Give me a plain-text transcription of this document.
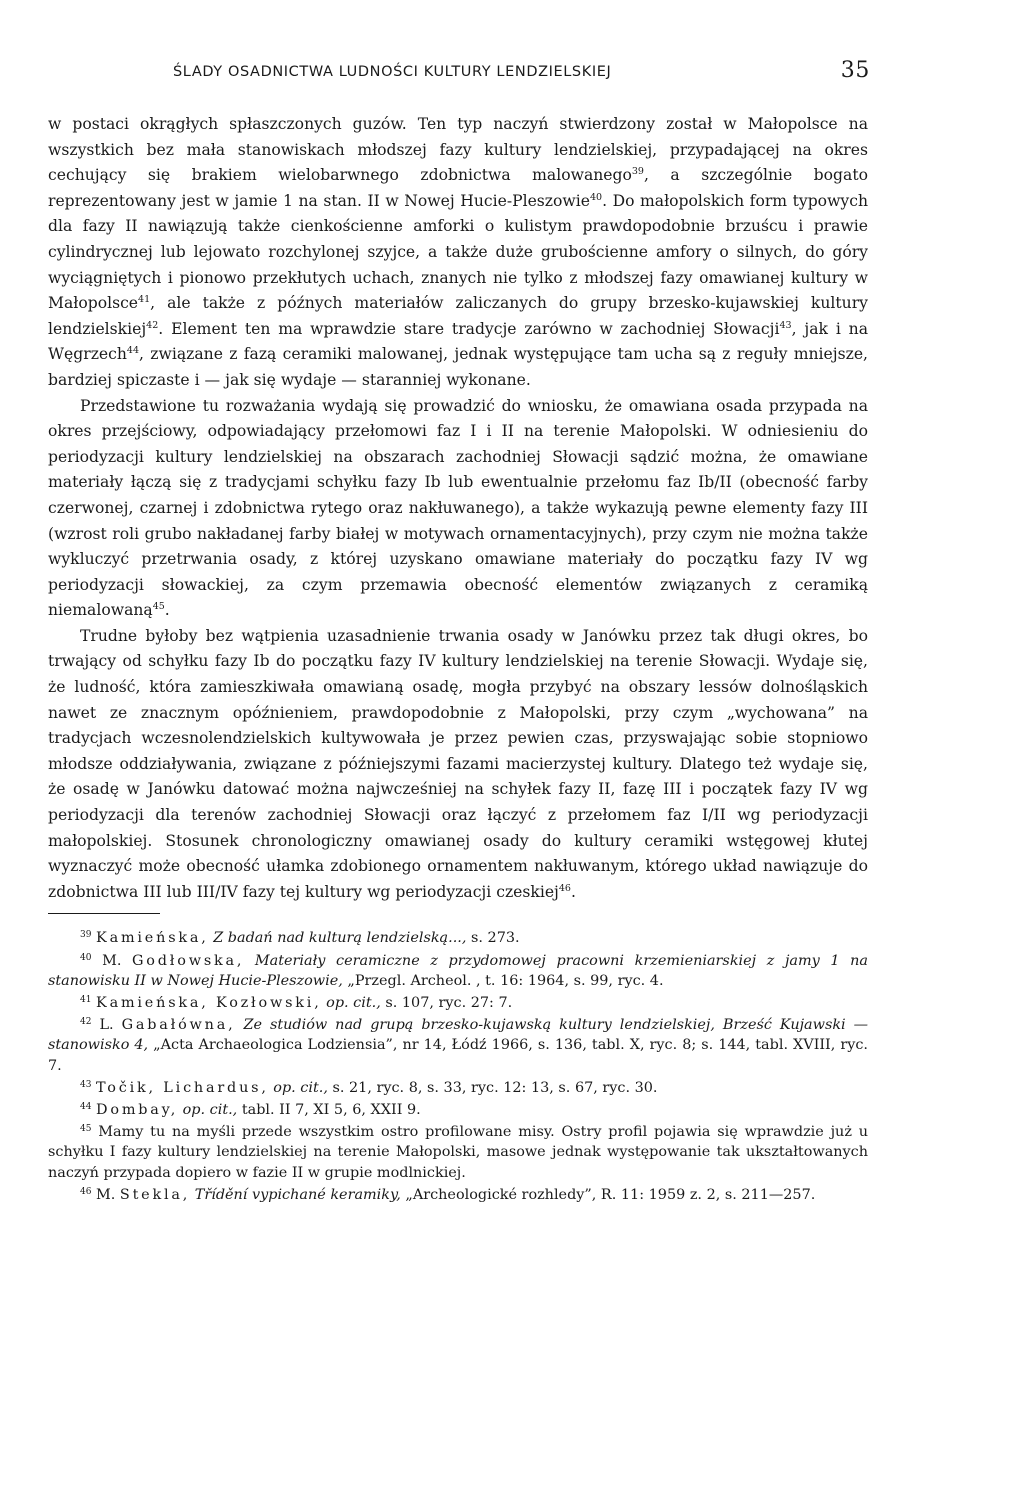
ŚLADY OSADNICTWA LUDNOŚCI KULTURY LENDZIELSKIEJ	35

w postaci okrągłych spłaszczonych guzów. Ten typ naczyń stwierdzony został w Małopolsce na wszystkich bez mała stanowiskach młodszej fazy kultury lendzielskiej, przypadającej na okres cechujący się brakiem wielobarwnego zdobnictwa malowanego$^{39}$, a szczególnie bogato reprezentowany jest w jamie 1 na stan. II w Nowej Hucie-Pleszowie$^{40}$. Do małopolskich form typowych dla fazy II nawiązują także cienkościenne amforki o kulistym prawdopodobnie brzuścu i prawie cylindrycznej lub lejowato rozchylonej szyjce, a także duże grubościenne amfory o silnych, do góry wyciągniętych i pionowo przekłutych uchach, znanych nie tylko z młodszej fazy omawianej kultury w Małopolsce$^{41}$, ale także z późnych materiałów zaliczanych do grupy brzesko-kujawskiej kultury lendzielskiej$^{42}$. Element ten ma wprawdzie stare tradycje zarówno w zachodniej Słowacji$^{43}$, jak i na Węgrzech$^{44}$, związane z fazą ceramiki malowanej, jednak występujące tam ucha są z reguły mniejsze, bardziej spiczaste i — jak się wydaje — staranniej wykonane.

Przedstawione tu rozważania wydają się prowadzić do wniosku, że omawiana osada przypada na okres przejściowy, odpowiadający przełomowi faz I i II na terenie Małopolski. W odniesieniu do periodyzacji kultury lendzielskiej na obszarach zachodniej Słowacji sądzić można, że omawiane materiały łączą się z tradycjami schyłku fazy Ib lub ewentualnie przełomu faz Ib/II (obecność farby czerwonej, czarnej i zdobnictwa rytego oraz nakłuwanego), a także wykazują pewne elementy fazy III (wzrost roli grubo nakładanej farby białej w motywach ornamentacyjnych), przy czym nie można także wykluczyć przetrwania osady, z której uzyskano omawiane materiały do początku fazy IV wg periodyzacji słowackiej, za czym przemawia obecność elementów związanych z ceramiką niemalowaną$^{45}$.

Trudne byłoby bez wątpienia uzasadnienie trwania osady w Janówku przez tak długi okres, bo trwający od schyłku fazy Ib do początku fazy IV kultury lendzielskiej na terenie Słowacji. Wydaje się, że ludność, która zamieszkiwała omawianą osadę, mogła przybyć na obszary lessów dolnośląskich nawet ze znacznym opóźnieniem, prawdopodobnie z Małopolski, przy czym „wychowana” na tradycjach wczesnolendzielskich kultywowała je przez pewien czas, przyswajając sobie stopniowo młodsze oddziaływania, związane z późniejszymi fazami macierzystej kultury. Dlatego też wydaje się, że osadę w Janówku datować można najwcześniej na schyłek fazy II, fazę III i początek fazy IV wg periodyzacji dla terenów zachodniej Słowacji oraz łączyć z przełomem faz I/II wg periodyzacji małopolskiej. Stosunek chronologiczny omawianej osady do kultury ceramiki wstęgowej kłutej wyznaczyć może obecność ułamka zdobionego ornamentem nakłuwanym, którego układ nawiązuje do zdobnictwa III lub III/IV fazy tej kultury wg periodyzacji czeskiej$^{46}$.

$^{39}$ Kamieńska, Z badań nad kulturą lendzielską..., s. 273.

$^{40}$ M. Godłowska, Materiały ceramiczne z przydomowej pracowni krzemieniarskiej z jamy 1 na stanowisku II w Nowej Hucie-Pleszowie, „Przegl. Archeol. , t. 16: 1964, s. 99, ryc. 4.

$^{41}$ Kamieńska, Kozłowski, op. cit., s. 107, ryc. 27: 7.

$^{42}$ L. Gabałówna, Ze studiów nad grupą brzesko-kujawską kultury lendzielskiej, Brześć Kujawski — stanowisko 4, „Acta Archaeologica Lodziensia”, nr 14, Łódź 1966, s. 136, tabl. X, ryc. 8; s. 144, tabl. XVIII, ryc. 7.

$^{43}$ Točik, Lichardus, op. cit., s. 21, ryc. 8, s. 33, ryc. 12: 13, s. 67, ryc. 30.

$^{44}$ Dombay, op. cit., tabl. II 7, XI 5, 6, XXII 9.

$^{45}$ Mamy tu na myśli przede wszystkim ostro profilowane misy. Ostry profil pojawia się wprawdzie już u schyłku I fazy kultury lendzielskiej na terenie Małopolski, masowe jednak występowanie tak ukształtowanych naczyń przypada dopiero w fazie II w grupie modlnickiej.

$^{46}$ M. Stekla, Třídění vypichané keramiky, „Archeologické rozhledy”, R. 11: 1959 z. 2, s. 211—257.
